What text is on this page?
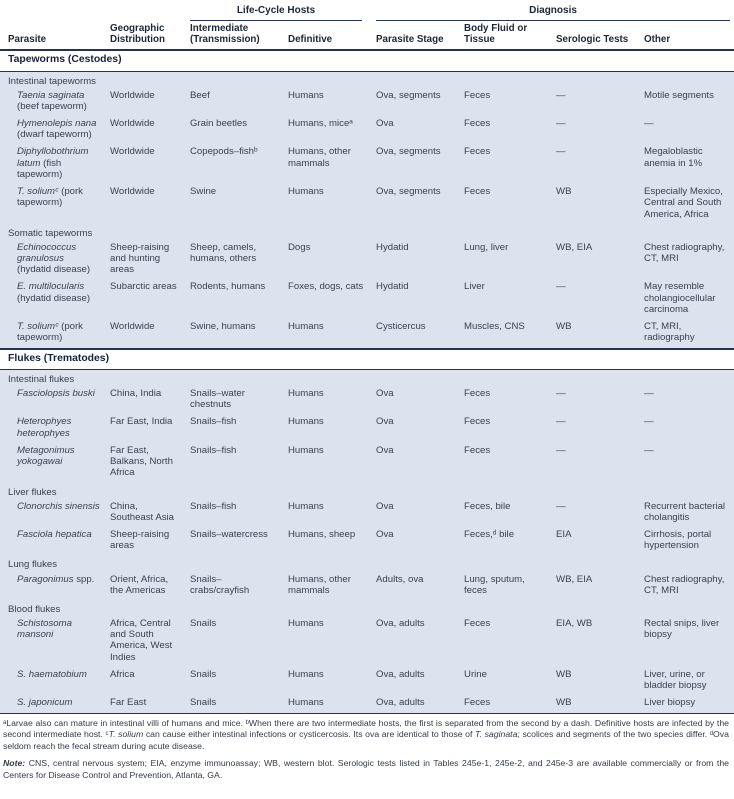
		Life-Cycle Hosts		Diagnosis			

Parasite	Geographic Distribution	Intermediate (Transmission)	Definitive	Parasite Stage	Body Fluid or Tissue	Serologic Tests	Other
Tapeworms (Cestodes)							
Intestinal tapeworms							
Taenia saginata (beef tapeworm)	Worldwide	Beef	Humans	Ova, segments	Feces	—	Motile segments
Hymenolepis nana (dwarf tapeworm)	Worldwide	Grain beetles	Humans, miceᵃ	Ova	Feces	—	—
Diphyllobothrium latum (fish tapeworm)	Worldwide	Copepods–fishᵇ	Humans, other mammals	Ova, segments	Feces	—	Megaloblastic anemia in 1%
T. soliumᶜ (pork tapeworm)	Worldwide	Swine	Humans	Ova, segments	Feces	WB	Especially Mexico, Central and South America, Africa
Somatic tapeworms							
Echinococcus granulosus (hydatid disease)	Sheep-raising and hunting areas	Sheep, camels, humans, others	Dogs	Hydatid	Lung, liver	WB, EIA	Chest radiography, CT, MRI
E. multilocularis (hydatid disease)	Subarctic areas	Rodents, humans	Foxes, dogs, cats	Hydatid	Liver	—	May resemble cholangiocellular carcinoma
T. soliumᶜ (pork tapeworm)	Worldwide	Swine, humans	Humans	Cysticercus	Muscles, CNS	WB	CT, MRI, radiography
Flukes (Trematodes)							
Intestinal flukes							
Fasciolopsis buski	China, India	Snails–water chestnuts	Humans	Ova	Feces	—	—
Heterophyes heterophyes	Far East, India	Snails–fish	Humans	Ova	Feces	—	—
Metagonimus yokogawai	Far East, Balkans, North Africa	Snails–fish	Humans	Ova	Feces	—	—
Liver flukes							
Clonorchis sinensis	China, Southeast Asia	Snails–fish	Humans	Ova	Feces, bile	—	Recurrent bacterial cholangitis
Fasciola hepatica	Sheep-raising areas	Snails–watercress	Humans, sheep	Ova	Feces,ᵈ bile	EIA	Cirrhosis, portal hypertension
Lung flukes							
Paragonimus spp.	Orient, Africa, the Americas	Snails–crabs/crayfish	Humans, other mammals	Adults, ova	Lung, sputum, feces	WB, EIA	Chest radiography, CT, MRI
Blood flukes							
Schistosoma mansoni	Africa, Central and South America, West Indies	Snails	Humans	Ova, adults	Feces	EIA, WB	Rectal snips, liver biopsy
S. haematobium	Africa	Snails	Humans	Ova, adults	Urine	WB	Liver, urine, or bladder biopsy
S. japonicum	Far East	Snails	Humans	Ova, adults	Feces	WB	Liver biopsy
ᵃLarvae also can mature in intestinal villi of humans and mice. ᵇWhen there are two intermediate hosts, the first is separated from the second by a dash. Definitive hosts are infected by the second intermediate host. ᶜT. solium can cause either intestinal infections or cysticercosis. Its ova are identical to those of T. saginata; scolices and segments of the two species differ. ᵈOva seldom reach the fecal stream during acute disease.
Note: CNS, central nervous system; EIA, enzyme immunoassay; WB, western blot. Serologic tests listed in Tables 245e-1, 245e-2, and 245e-3 are available commercially or from the Centers for Disease Control and Prevention, Atlanta, GA.
